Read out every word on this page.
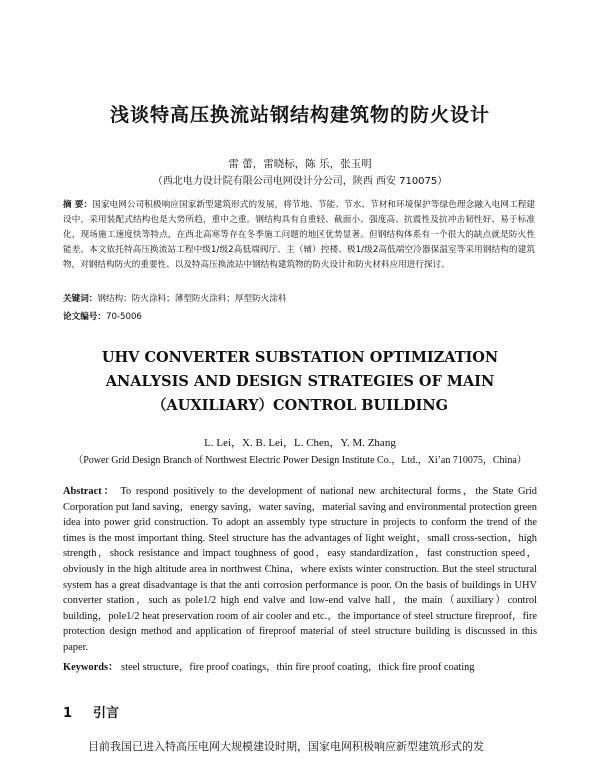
浅谈特高压换流站钢结构建筑物的防火设计
雷 蕾，雷晓标，陈 乐，张玉明
（西北电力设计院有限公司电网设计分公司，陕西 西安 710075）
摘 要：国家电网公司积极响应国家新型建筑形式的发展，将节地、节能、节水、节材和环境保护等绿色理念融入电网工程建设中，采用装配式结构也是大势所趋，重中之重。钢结构具有自重轻、截面小、强度高、抗震性及抗冲击韧性好、易于标准化，现场施工速度快等特点，在西北高寒等存在冬季施工问题的地区优势显著。但钢结构体系有一个很大的缺点就是防火性能差。本文依托特高压换流站工程中级1/级2高低端阀厅、主（辅）控楼、极1/级2高低端空冷器保温室等采用钢结构的建筑物，对钢结构防火的重要性、以及特高压换流站中钢结构建筑物的防火设计和防火材料应用进行探讨。
关键词：钢结构；防火涂料；薄型防火涂料；厚型防火涂料
论文编号：70-5006
UHV CONVERTER SUBSTATION OPTIMIZATION
ANALYSIS AND DESIGN STRATEGIES OF MAIN
（AUXILIARY）CONTROL BUILDING
L. Lei，X. B. Lei，L. Chen，Y. M. Zhang
（Power Grid Design Branch of Northwest Electric Power Design Institute Co.，Ltd.，Xi’an 710075，China）
Abstract： To respond positively to the development of national new architectural forms，the State Grid Corporation put land saving，energy saving，water saving，material saving and environmental protection green idea into power grid construction. To adopt an assembly type structure in projects to conform the trend of the times is the most important thing. Steel structure has the advantages of light weight，small cross-section，high strength，shock resistance and impact toughness of good，easy standardization，fast construction speed，obviously in the high altitude area in northwest China，where exists winter construction. But the steel structural system has a great disadvantage is that the anti corrosion performance is poor. On the basis of buildings in UHV converter station，such as pole1/2 high end valve and low-end valve hall，the main（auxiliary）control building，pole1/2 heat preservation room of air cooler and etc.，the importance of steel structure fireproof，fire protection design method and application of fireproof material of steel structure building is discussed in this paper.
Keywords： steel structure，fire proof coatings，thin fire proof coating，thick fire proof coating
1 引言
目前我国已进入特高压电网大规模建设时期，国家电网积极响应新型建筑形式的发
